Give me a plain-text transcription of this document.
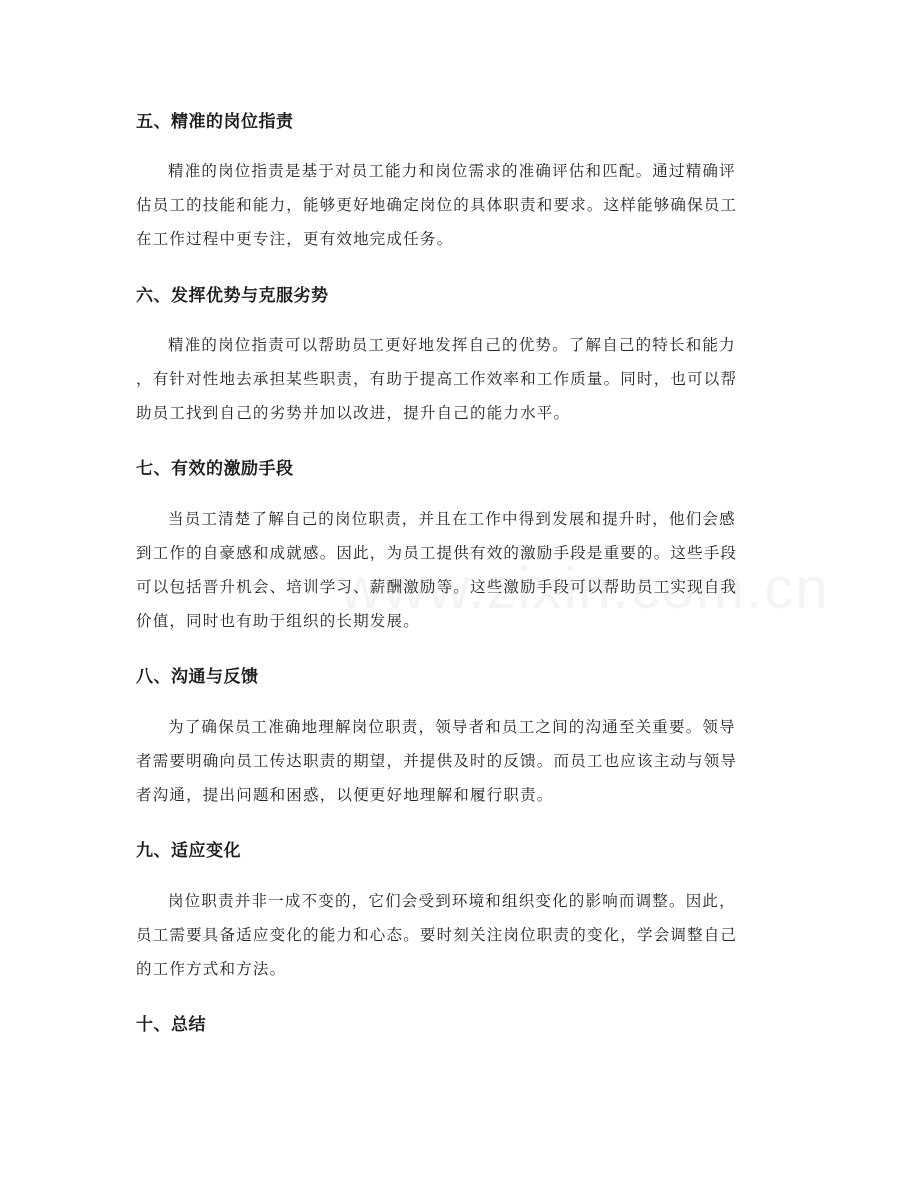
五、精准的岗位指责
精准的岗位指责是基于对员工能力和岗位需求的准确评估和匹配。通过精确评
估员工的技能和能力，能够更好地确定岗位的具体职责和要求。这样能够确保员工
在工作过程中更专注，更有效地完成任务。
六、发挥优势与克服劣势
精准的岗位指责可以帮助员工更好地发挥自己的优势。了解自己的特长和能力
，有针对性地去承担某些职责，有助于提高工作效率和工作质量。同时，也可以帮
助员工找到自己的劣势并加以改进，提升自己的能力水平。
七、有效的激励手段
当员工清楚了解自己的岗位职责，并且在工作中得到发展和提升时，他们会感
到工作的自豪感和成就感。因此，为员工提供有效的激励手段是重要的。这些手段
可以包括晋升机会、培训学习、薪酬激励等。这些激励手段可以帮助员工实现自我
价值，同时也有助于组织的长期发展。
八、沟通与反馈
为了确保员工准确地理解岗位职责，领导者和员工之间的沟通至关重要。领导
者需要明确向员工传达职责的期望，并提供及时的反馈。而员工也应该主动与领导
者沟通，提出问题和困惑，以便更好地理解和履行职责。
九、适应变化
岗位职责并非一成不变的，它们会受到环境和组织变化的影响而调整。因此，
员工需要具备适应变化的能力和心态。要时刻关注岗位职责的变化，学会调整自己
的工作方式和方法。
十、总结
